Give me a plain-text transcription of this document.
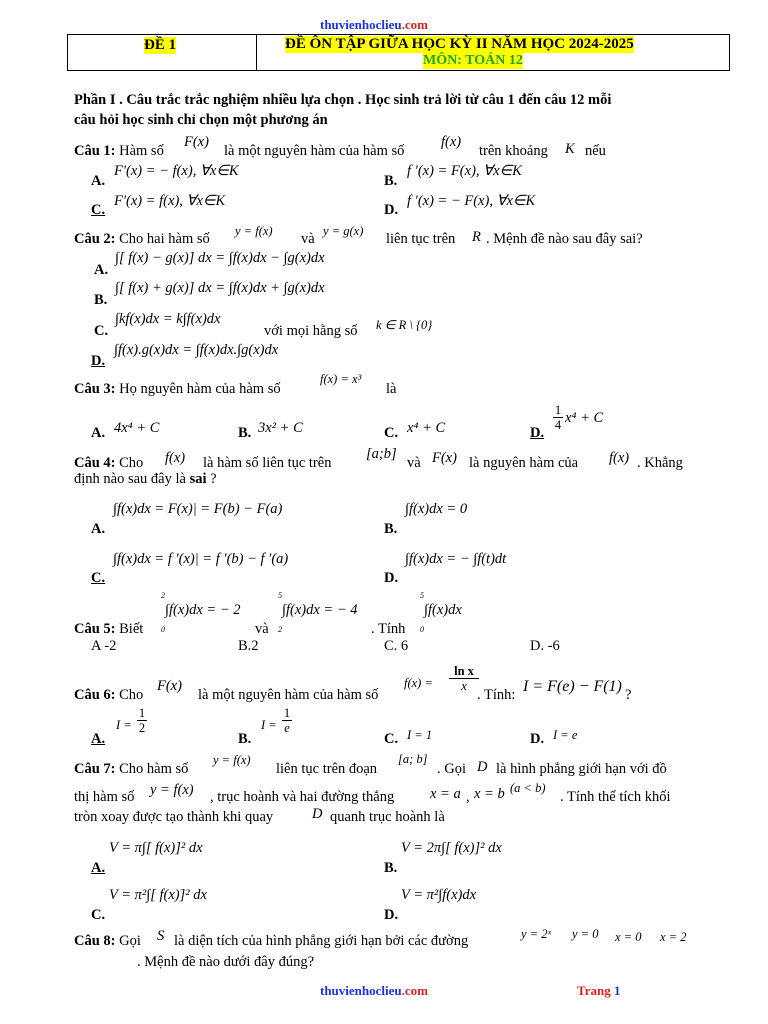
thuvienhoclieu.com
ĐỀ 1	ĐỀ ÔN TẬP GIỮA HỌC KỲ II NĂM HỌC 2024-2025
MÔN: TOÁN 12
Phần I . Câu trắc trắc nghiệm nhiều lựa chọn . Học sinh trả lời từ câu 1 đến câu 12 mỗi
câu hỏi học sinh chỉ chọn một phương án
Câu 1: Hàm số
F(x)
là một nguyên hàm của hàm số
f(x)
trên khoảng K nếu
A.
F′(x) = − f(x), ∀x∈K
B.
f ′(x) = F(x), ∀x∈K
C.
F′(x) = f(x), ∀x∈K
D.
f ′(x) = − F(x), ∀x∈K
Câu 2: Cho hai hàm số y = f(x) và y = g(x) liên tục trên R . Mệnh đề nào sau đây sai?
A.
∫[ f(x) − g(x)] dx = ∫f(x)dx − ∫g(x)dx
B.
∫[ f(x) + g(x)] dx = ∫f(x)dx + ∫g(x)dx
C.
∫kf(x)dx = k∫f(x)dx
với mọi hằng số k ∈ R \ {0}
D.
∫f(x).g(x)dx = ∫f(x)dx.∫g(x)dx
Câu 3: Họ nguyên hàm của hàm số
f(x) = x³
là
A. 4x⁴ + C	B. 3x² + C	C. x⁴ + C	D.
1
4 x⁴ + C
Câu 4: Cho f(x) là hàm số liên tục trên
[a;b]
và F(x) là nguyên hàm của f(x) . Khẳng
định nào sau đây là sai ?
A.
∫f(x)dx = F(x)| = F(b) − F(a)
B.
∫f(x)dx = 0
C.
∫f(x)dx = f ′(x)| = f ′(b) − f ′(a)
D.
∫f(x)dx = − ∫f(t)dt
Câu 5: Biết
2
0
∫f(x)dx = − 2
và
5
2
∫f(x)dx = − 4
. Tính
5
0
∫f(x)dx
A -2	B.2	C. 6	D. -6
Câu 6: Cho
F(x)
là một nguyên hàm của hàm số
f(x) =
ln x
x
. Tính: I = F(e) − F(1) ?
A.
I =
1
2
B.
I =
1
e
C. I = 1	D. I = e
Câu 7: Cho hàm số
y = f(x)
liên tục trên đoạn
[a; b]
. Gọi D là hình phẳng giới hạn với đồ
thị hàm số y = f(x) , trục hoành và hai đường thẳng x = a , x = b (a < b)
. Tính thể tích khối
tròn xoay được tạo thành khi quay	D quanh trục hoành là
A.
V = π∫[ f(x)]² dx
B.
V = 2π∫[ f(x)]² dx
C.
V = π²∫[ f(x)]² dx
D.
V = π²∫f(x)dx
Câu 8: Gọi S là diện tích của hình phẳng giới hạn bởi các đường	y = 2ˣ y = 0 x = 0 x = 2
. Mệnh đề nào dưới đây đúng?
thuvienhoclieu.com	Trang 1
